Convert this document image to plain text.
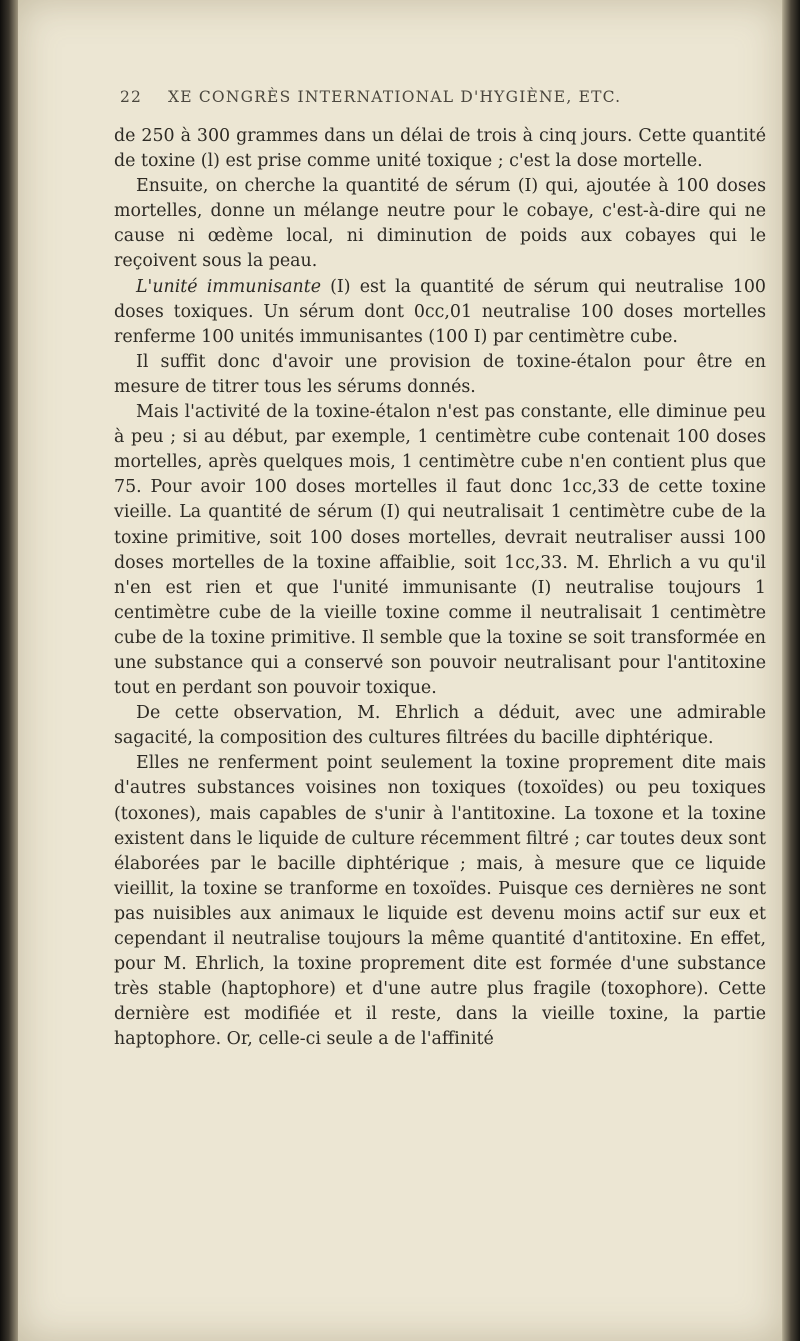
22 XE CONGRÈS INTERNATIONAL D'HYGIÈNE, ETC.

de 250 à 300 grammes dans un délai de trois à cinq jours. Cette quantité de toxine (l) est prise comme unité toxique ; c'est la dose mortelle.

Ensuite, on cherche la quantité de sérum (I) qui, ajoutée à 100 doses mortelles, donne un mélange neutre pour le cobaye, c'est-à-dire qui ne cause ni œdème local, ni diminution de poids aux cobayes qui le reçoivent sous la peau.

L'unité immunisante (I) est la quantité de sérum qui neutralise 100 doses toxiques. Un sérum dont 0cc,01 neutralise 100 doses mortelles renferme 100 unités immunisantes (100 I) par centimètre cube.

Il suffit donc d'avoir une provision de toxine-étalon pour être en mesure de titrer tous les sérums donnés.

Mais l'activité de la toxine-étalon n'est pas constante, elle diminue peu à peu ; si au début, par exemple, 1 centimètre cube contenait 100 doses mortelles, après quelques mois, 1 centimètre cube n'en contient plus que 75. Pour avoir 100 doses mortelles il faut donc 1cc,33 de cette toxine vieille. La quantité de sérum (I) qui neutralisait 1 centimètre cube de la toxine primitive, soit 100 doses mortelles, devrait neutraliser aussi 100 doses mortelles de la toxine affaiblie, soit 1cc,33. M. Ehrlich a vu qu'il n'en est rien et que l'unité immunisante (I) neutralise toujours 1 centimètre cube de la vieille toxine comme il neutralisait 1 centimètre cube de la toxine primitive. Il semble que la toxine se soit transformée en une substance qui a conservé son pouvoir neutralisant pour l'antitoxine tout en perdant son pouvoir toxique.

De cette observation, M. Ehrlich a déduit, avec une admirable sagacité, la composition des cultures filtrées du bacille diphtérique.

Elles ne renferment point seulement la toxine proprement dite mais d'autres substances voisines non toxiques (toxoïdes) ou peu toxiques (toxones), mais capables de s'unir à l'antitoxine. La toxone et la toxine existent dans le liquide de culture récemment filtré ; car toutes deux sont élaborées par le bacille diphtérique ; mais, à mesure que ce liquide vieillit, la toxine se tranforme en toxoïdes. Puisque ces dernières ne sont pas nuisibles aux animaux le liquide est devenu moins actif sur eux et cependant il neutralise toujours la même quantité d'antitoxine. En effet, pour M. Ehrlich, la toxine proprement dite est formée d'une substance très stable (haptophore) et d'une autre plus fragile (toxophore). Cette dernière est modifiée et il reste, dans la vieille toxine, la partie haptophore. Or, celle-ci seule a de l'affinité
